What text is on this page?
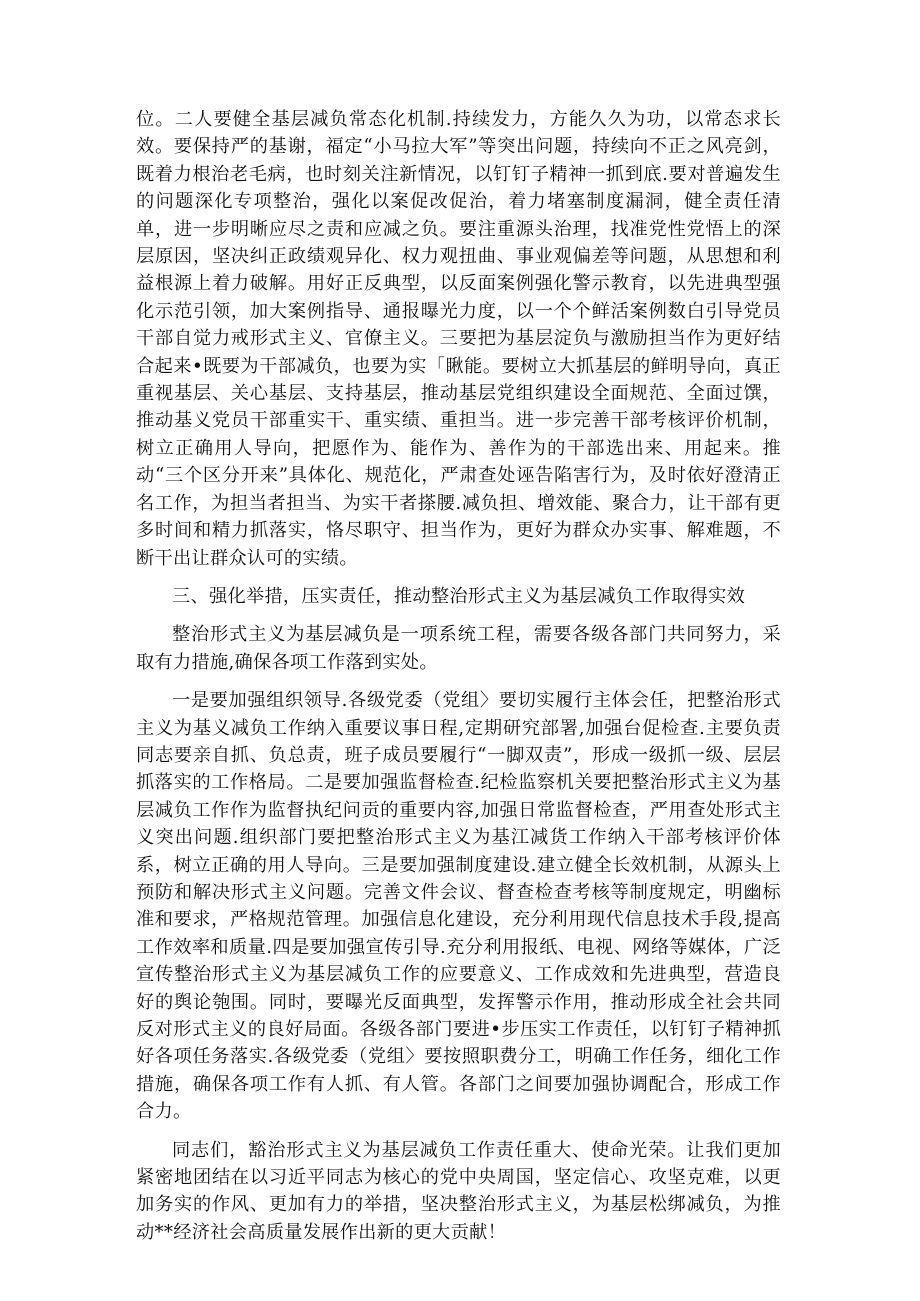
位。二人要健全基层减负常态化机制.持续发力，方能久久为功，以常态求长效。要保持严的基谢，福定“小马拉大军”等突出问题，持续向不正之风亮剑，既着力根治老毛病，也时刻关注新情况，以钉钉子精神一抓到底.要对普遍发生的问题深化专项整治，强化以案促改促治，着力堵塞制度漏洞，健全责任清单，进一步明晰应尽之责和应减之负。要注重源头治理，找准党性党悟上的深层原因，坚决纠正政绩观异化、权力观扭曲、事业观偏差等问题，从思想和利益根源上着力破解。用好正反典型，以反面案例强化警示教育，以先进典型强化示范引领，加大案例指导、通报曝光力度，以一个个鲜活案例数白引导党员干部自觉力戒形式主义、官僚主义。三要把为基层淀负与激励担当作为更好结合起来•既要为干部减负，也要为实「瞅能。要树立大抓基层的鲜明导向，真正重视基层、关心基层、支持基层，推动基层党组织建设全面规范、全面过馔，推动基义党员干部重实干、重实绩、重担当。进一步完善干部考核评价机制，树立正确用人导向，把愿作为、能作为、善作为的干部选出来、用起来。推动“三个区分开来”具体化、规范化，严肃查处诬告陷害行为，及时依好澄清正名工作，为担当者担当、为实干者搽腰.减负担、增效能、聚合力，让干部有更多时间和精力抓落实，恪尽职守、担当作为，更好为群众办实事、解难题，不断干出让群众认可的实绩。

三、强化举措，压实责任，推动整治形式主义为基层减负工作取得实效

整治形式主义为基层减负是一项系统工程，需要各级各部门共同努力，采取有力措施,确保各项工作落到实处。

一是要加强组织领导.各级党委（党组〉要切实履行主体会任，把整治形式主义为基义减负工作纳入重要议事日程,定期研究部署,加强台促检查.主要负责同志要亲自抓、负总责，班子成员要履行“一脚双责”，形成一级抓一级、层层抓落实的工作格局。二是要加强监督检查.纪检监察机关要把整治形式主义为基层减负工作作为监督执纪问贡的重要内容,加强日常监督检查，严用查处形式主义突出问题.组织部门要把整治形式主义为基江减货工作纳入干部考核评价体系，树立正确的用人导向。三是要加强制度建设.建立健全长效机制，从源头上预防和解决形式主义问题。完善文件会议、督查检查考核等制度规定，明幽标准和要求，严格规范管理。加强信息化建设，充分利用现代信息技术手段,提高工作效率和质量.四是要加强宣传引导.充分利用报纸、电视、网络等媒体，广泛宣传整治形式主义为基层减负工作的应要意义、工作成效和先进典型，营造良好的舆论匏围。同时，要曝光反面典型，发挥警示作用，推动形成全社会共同反对形式主义的良好局面。各级各部门要进•步压实工作责任，以钉钉子精神抓好各项任务落实.各级党委（党组〉要按照职费分工，明确工作任务，细化工作措施，确保各项工作有人抓、有人管。各部门之间要加强协调配合，形成工作合力。

同志们，豁治形式主义为基层减负工作责任重大、使命光荣。让我们更加紧密地团结在以习近平同志为核心的党中央周国，坚定信心、攻坚克难，以更加务实的作风、更加有力的举措，坚决整治形式主义，为基层松绑减负，为推动**经济社会高质量发展作出新的更大贡献！
